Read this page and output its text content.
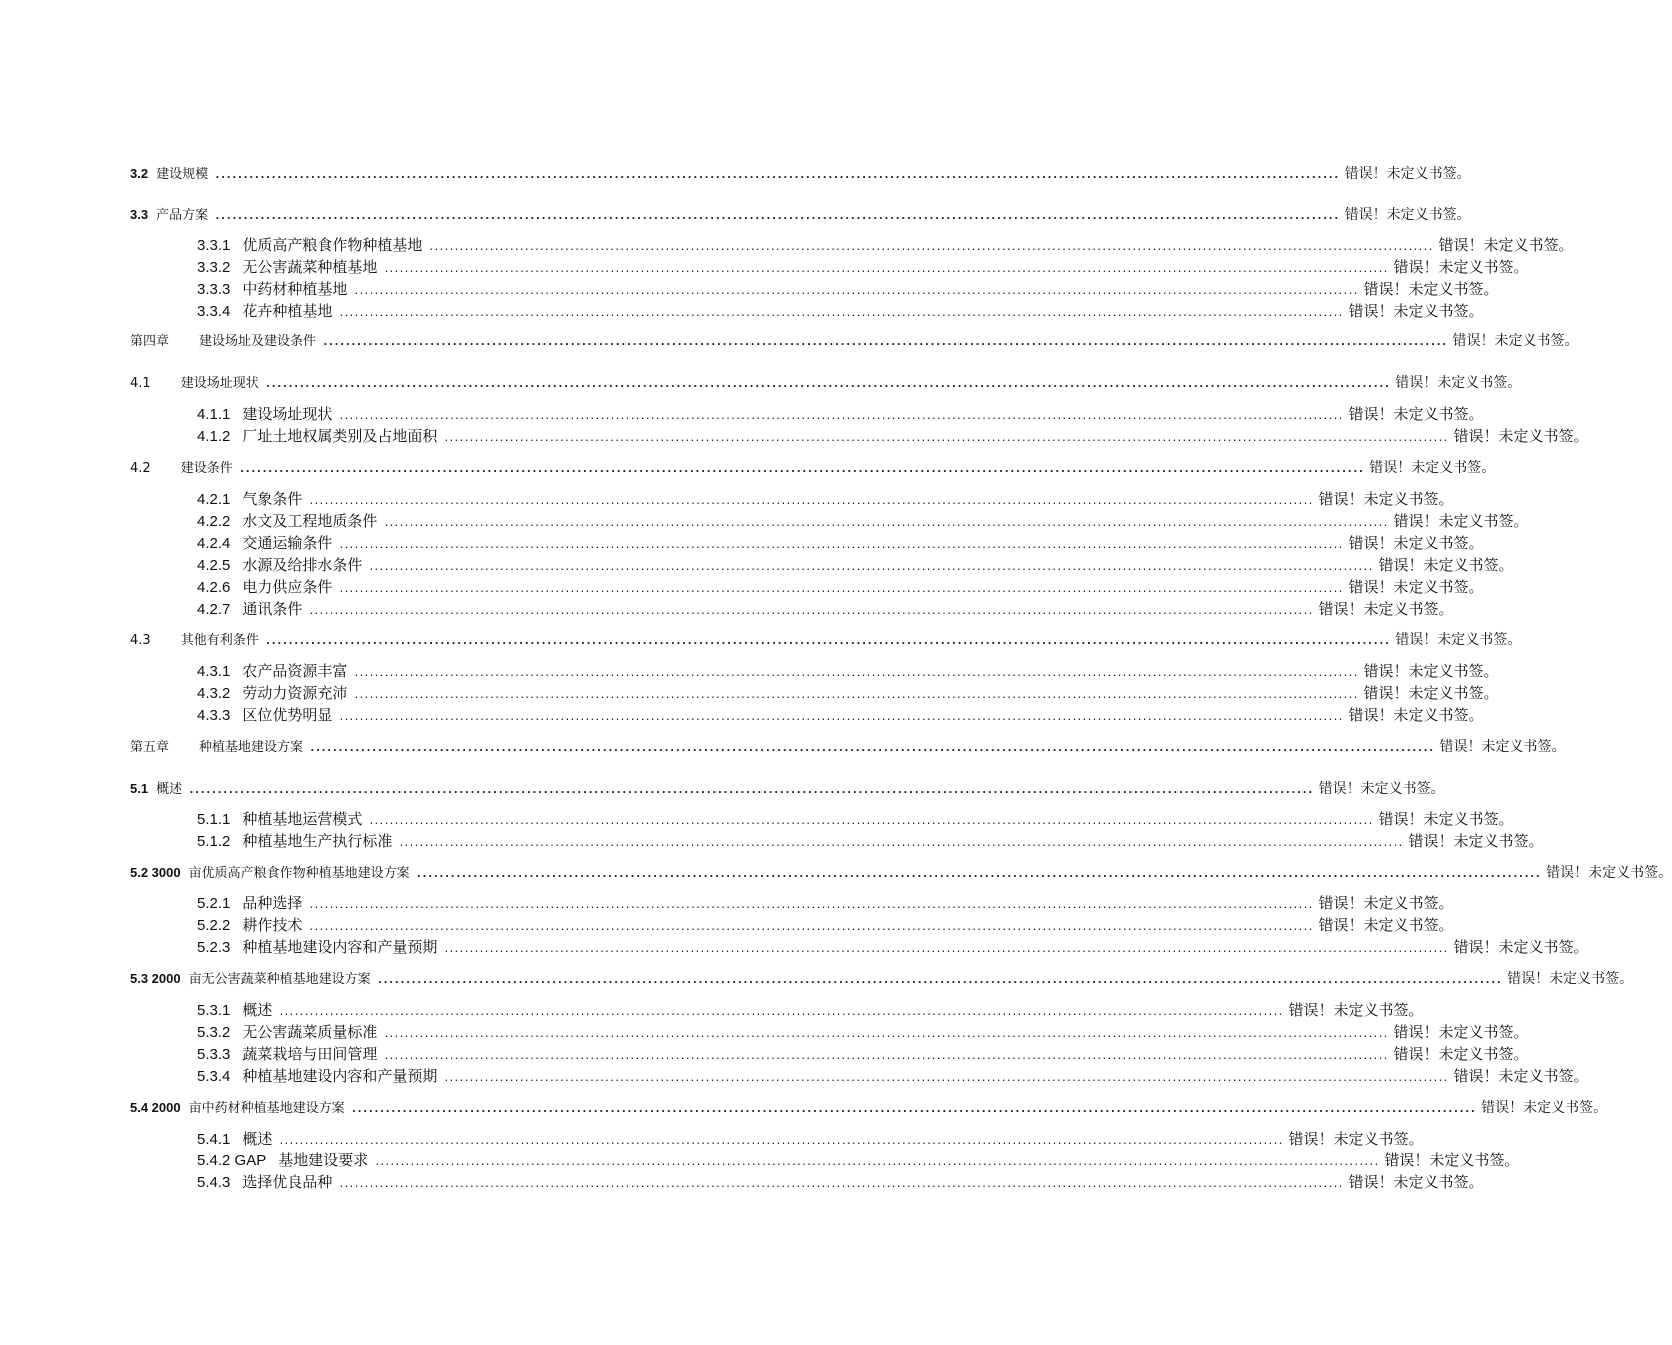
3.2 建设规模 ........................................................................................................................................................................................................ 错误！未定义书签。
3.3 产品方案 ........................................................................................................................................................................................................ 错误！未定义书签。
3.3.1 优质高产粮食作物种植基地 ........................................................................................................................................................................................................ 错误！未定义书签。
3.3.2 无公害蔬菜种植基地 ........................................................................................................................................................................................................ 错误！未定义书签。
3.3.3 中药材种植基地 ........................................................................................................................................................................................................ 错误！未定义书签。
3.3.4 花卉种植基地 ........................................................................................................................................................................................................ 错误！未定义书签。
第四章 建设场址及建设条件 ........................................................................................................................................................................................................ 错误！未定义书签。
4.1 建设场址现状 ........................................................................................................................................................................................................ 错误！未定义书签。
4.1.1 建设场址现状 ........................................................................................................................................................................................................ 错误！未定义书签。
4.1.2 厂址土地权属类别及占地面积 ........................................................................................................................................................................................................ 错误！未定义书签。
4.2 建设条件 ........................................................................................................................................................................................................ 错误！未定义书签。
4.2.1 气象条件 ........................................................................................................................................................................................................ 错误！未定义书签。
4.2.2 水文及工程地质条件 ........................................................................................................................................................................................................ 错误！未定义书签。
4.2.4 交通运输条件 ........................................................................................................................................................................................................ 错误！未定义书签。
4.2.5 水源及给排水条件 ........................................................................................................................................................................................................ 错误！未定义书签。
4.2.6 电力供应条件 ........................................................................................................................................................................................................ 错误！未定义书签。
4.2.7 通讯条件 ........................................................................................................................................................................................................ 错误！未定义书签。
4.3 其他有利条件 ........................................................................................................................................................................................................ 错误！未定义书签。
4.3.1 农产品资源丰富 ........................................................................................................................................................................................................ 错误！未定义书签。
4.3.2 劳动力资源充沛 ........................................................................................................................................................................................................ 错误！未定义书签。
4.3.3 区位优势明显 ........................................................................................................................................................................................................ 错误！未定义书签。
第五章 种植基地建设方案 ........................................................................................................................................................................................................ 错误！未定义书签。
5.1 概述 ........................................................................................................................................................................................................ 错误！未定义书签。
5.1.1 种植基地运营模式 ........................................................................................................................................................................................................ 错误！未定义书签。
5.1.2 种植基地生产执行标准 ........................................................................................................................................................................................................ 错误！未定义书签。
5.2 3000 亩优质高产粮食作物种植基地建设方案 ........................................................................................................................................................................................................ 错误！未定义书签。
5.2.1 品种选择 ........................................................................................................................................................................................................ 错误！未定义书签。
5.2.2 耕作技术 ........................................................................................................................................................................................................ 错误！未定义书签。
5.2.3 种植基地建设内容和产量预期 ........................................................................................................................................................................................................ 错误！未定义书签。
5.3 2000 亩无公害蔬菜种植基地建设方案 ........................................................................................................................................................................................................ 错误！未定义书签。
5.3.1 概述 ........................................................................................................................................................................................................ 错误！未定义书签。
5.3.2 无公害蔬菜质量标准 ........................................................................................................................................................................................................ 错误！未定义书签。
5.3.3 蔬菜栽培与田间管理 ........................................................................................................................................................................................................ 错误！未定义书签。
5.3.4 种植基地建设内容和产量预期 ........................................................................................................................................................................................................ 错误！未定义书签。
5.4 2000 亩中药材种植基地建设方案 ........................................................................................................................................................................................................ 错误！未定义书签。
5.4.1 概述 ........................................................................................................................................................................................................ 错误！未定义书签。
5.4.2 GAP 基地建设要求 ........................................................................................................................................................................................................ 错误！未定义书签。
5.4.3 选择优良品种 ........................................................................................................................................................................................................ 错误！未定义书签。
